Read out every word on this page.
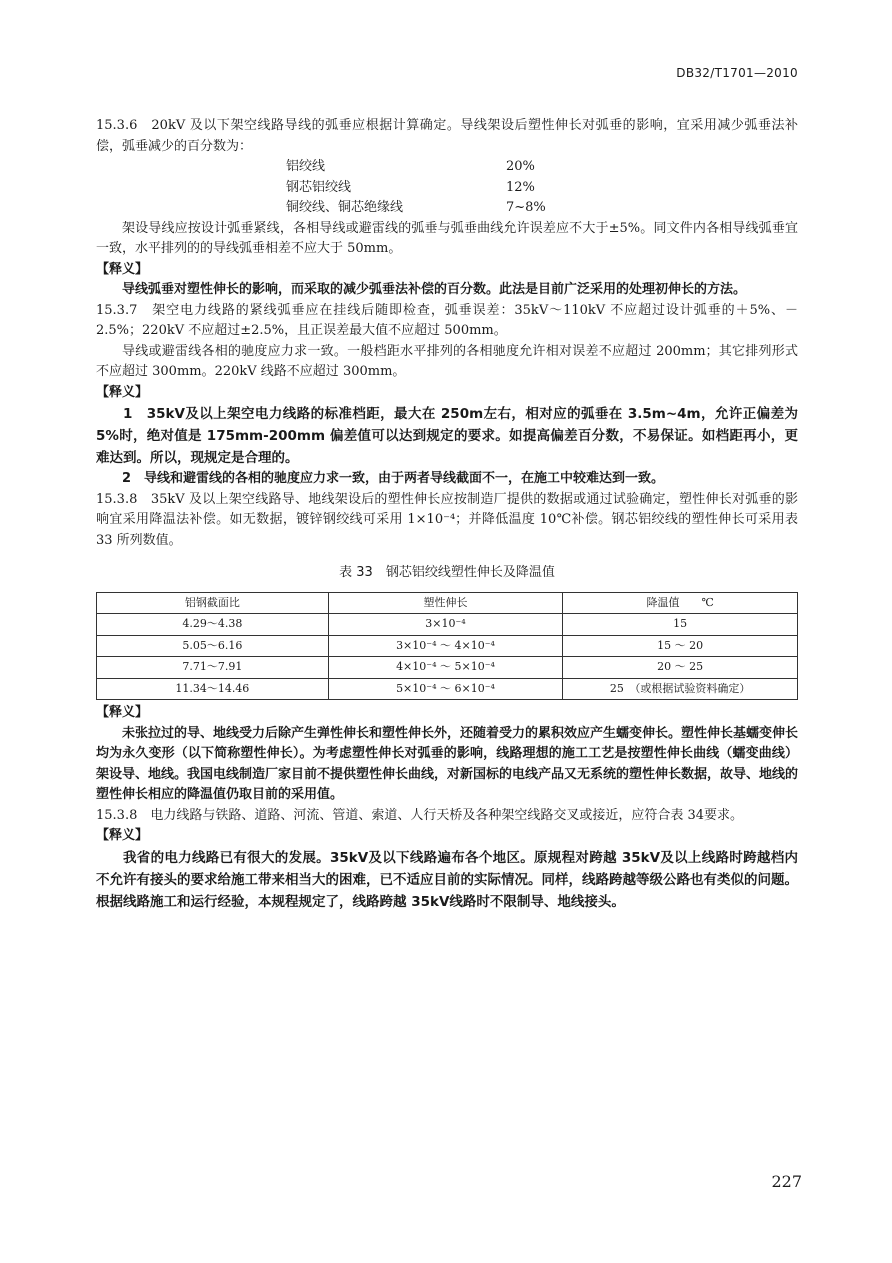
DB32/T1701—2010

15.3.6　20kV 及以下架空线路导线的弧垂应根据计算确定。导线架设后塑性伸长对弧垂的影响，宜采用减少弧垂法补偿，弧垂减少的百分数为：

铝绞线	20%
钢芯铝绞线	12%
铜绞线、铜芯绝缘线	7~8%

架设导线应按设计弧垂紧线，各相导线或避雷线的弧垂与弧垂曲线允许误差应不大于±5%。同文件内各相导线弧垂宜一致，水平排列的的导线弧垂相差不应大于 50mm。

【释义】

导线弧垂对塑性伸长的影响，而采取的减少弧垂法补偿的百分数。此法是目前广泛采用的处理初伸长的方法。

15.3.7　架空电力线路的紧线弧垂应在挂线后随即检查，弧垂误差：35kV～110kV 不应超过设计弧垂的＋5%、－2.5%；220kV 不应超过±2.5%，且正误差最大值不应超过 500mm。

导线或避雷线各相的驰度应力求一致。一般档距水平排列的各相驰度允许相对误差不应超过 200mm；其它排列形式不应超过 300mm。220kV 线路不应超过 300mm。

【释义】

1　35kV及以上架空电力线路的标准档距，最大在 250m左右，相对应的弧垂在 3.5m~4m，允许正偏差为 5%时，绝对值是 175mm-200mm 偏差值可以达到规定的要求。如提高偏差百分数，不易保证。如档距再小，更难达到。所以，现规定是合理的。

2　导线和避雷线的各相的驰度应力求一致，由于两者导线截面不一，在施工中较难达到一致。

15.3.8　35kV 及以上架空线路导、地线架设后的塑性伸长应按制造厂提供的数据或通过试验确定，塑性伸长对弧垂的影响宜采用降温法补偿。如无数据，镀锌钢绞线可采用 1×10⁻⁴；并降低温度 10℃补偿。钢芯铝绞线的塑性伸长可采用表 33 所列数值。

表 33　钢芯铝绞线塑性伸长及降温值
铝钢截面比	塑性伸长	降温值　　℃
4.29～4.38	3×10⁻⁴	15
5.05～6.16	3×10⁻⁴ ～ 4×10⁻⁴	15 ～ 20
7.71～7.91	4×10⁻⁴ ～ 5×10⁻⁴	20 ～ 25
11.34～14.46	5×10⁻⁴ ～ 6×10⁻⁴	25　（或根据试验资料确定）

【释义】

未张拉过的导、地线受力后除产生弹性伸长和塑性伸长外，还随着受力的累积效应产生蠕变伸长。塑性伸长基蠕变伸长均为永久变形（以下简称塑性伸长）。为考虑塑性伸长对弧垂的影响，线路理想的施工工艺是按塑性伸长曲线（蠕变曲线）架设导、地线。我国电线制造厂家目前不提供塑性伸长曲线，对新国标的电线产品又无系统的塑性伸长数据，故导、地线的塑性伸长相应的降温值仍取目前的采用值。

15.3.8　电力线路与铁路、道路、河流、管道、索道、人行天桥及各种架空线路交叉或接近，应符合表 34要求。

【释义】

我省的电力线路已有很大的发展。35kV及以下线路遍布各个地区。原规程对跨越 35kV及以上线路时跨越档内不允许有接头的要求给施工带来相当大的困难，已不适应目前的实际情况。同样，线路跨越等级公路也有类似的问题。根据线路施工和运行经验，本规程规定了，线路跨越 35kV线路时不限制导、地线接头。

227
